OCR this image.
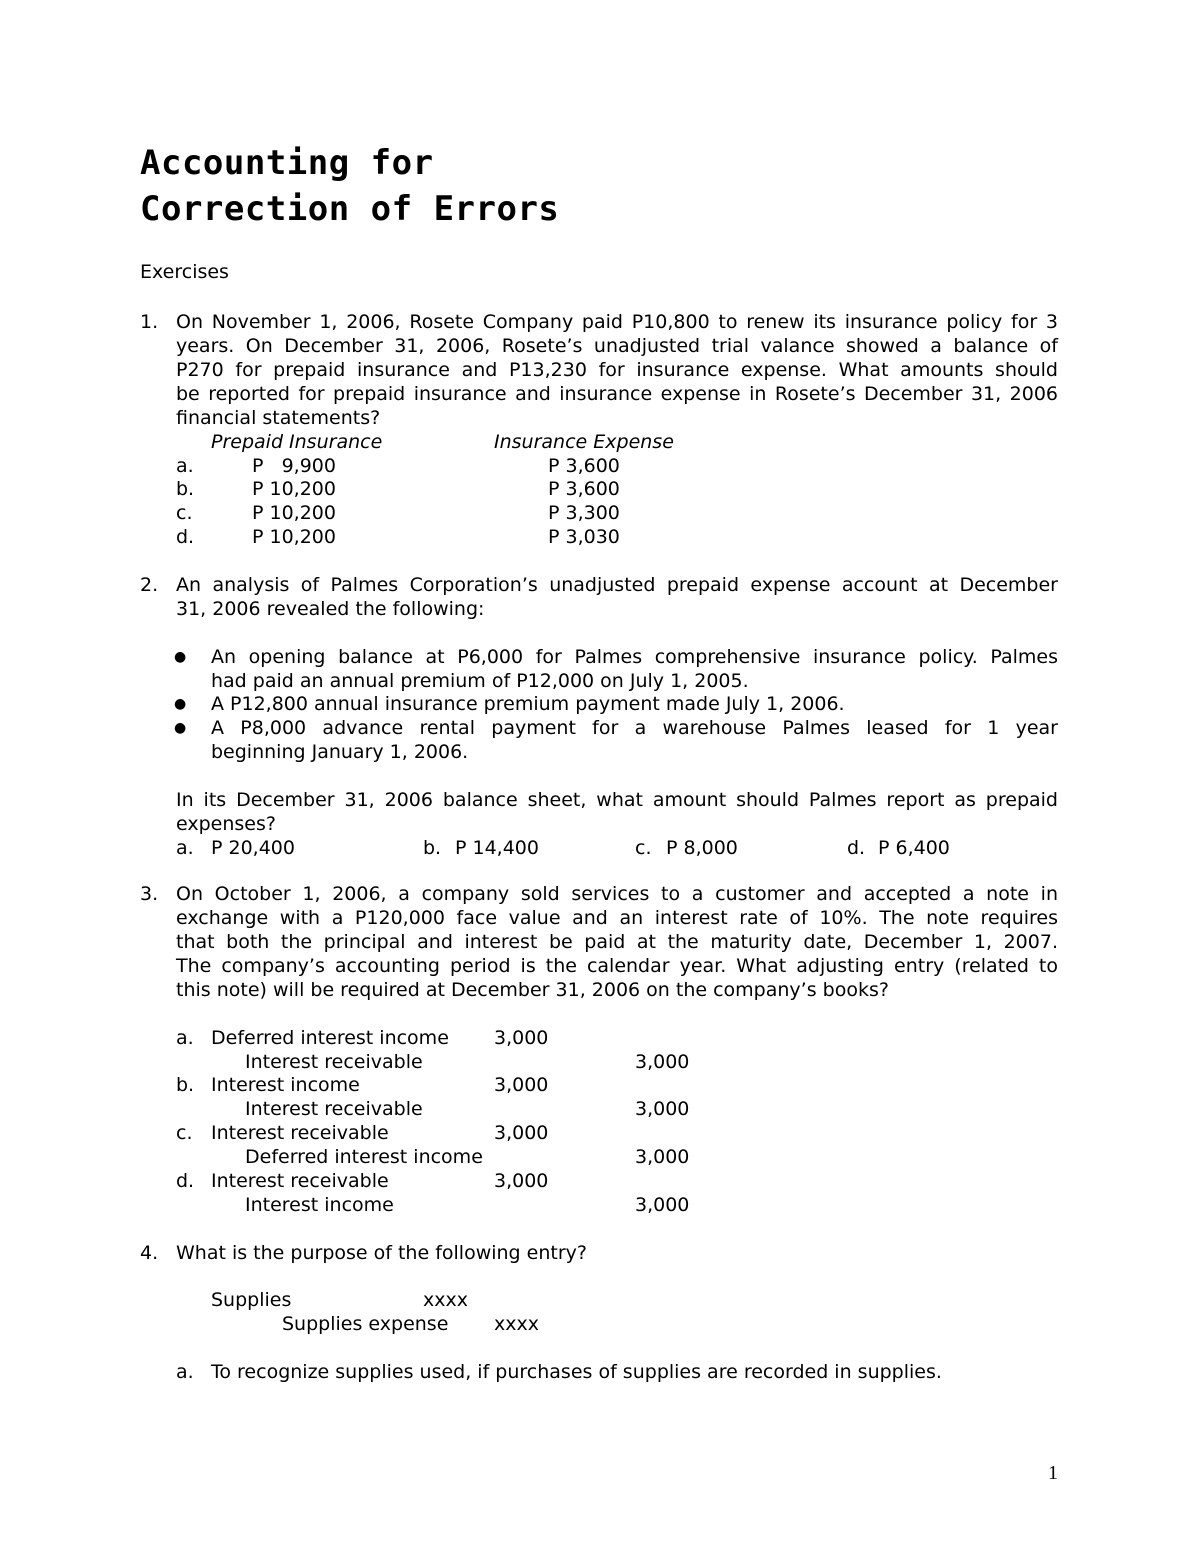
Accounting for
Correction of Errors
Exercises
1. On November 1, 2006, Rosete Company paid P10,800 to renew its insurance policy for 3
years. On December 31, 2006, Rosete’s unadjusted trial valance showed a balance of
P270 for prepaid insurance and P13,230 for insurance expense. What amounts should
be reported for prepaid insurance and insurance expense in Rosete’s December 31, 2006
financial statements?
Prepaid Insurance	Insurance Expense
a.	P   9,900	P 3,600
b.	P 10,200	P 3,600
c.	P 10,200	P 3,300
d.	P 10,200	P 3,030
2. An analysis of Palmes Corporation’s unadjusted prepaid expense account at December
31, 2006 revealed the following:
● An opening balance at P6,000 for Palmes comprehensive insurance policy. Palmes
had paid an annual premium of P12,000 on July 1, 2005.
● A P12,800 annual insurance premium payment made July 1, 2006.
● A P8,000 advance rental payment for a warehouse Palmes leased for 1 year
beginning January 1, 2006.
In its December 31, 2006 balance sheet, what amount should Palmes report as prepaid
expenses?
a. P 20,400	b. P 14,400	c. P 8,000	d. P 6,400
3. On October 1, 2006, a company sold services to a customer and accepted a note in
exchange with a P120,000 face value and an interest rate of 10%. The note requires
that both the principal and interest be paid at the maturity date, December 1, 2007.
The company’s accounting period is the calendar year. What adjusting entry (related to
this note) will be required at December 31, 2006 on the company’s books?
a. Deferred interest income 3,000
Interest receivable	3,000
b. Interest income	3,000
Interest receivable	3,000
c. Interest receivable	3,000
Deferred interest income	3,000
d. Interest receivable	3,000
Interest income	3,000
4. What is the purpose of the following entry?
Supplies	xxxx
Supplies expense xxxx
a. To recognize supplies used, if purchases of supplies are recorded in supplies.
1
